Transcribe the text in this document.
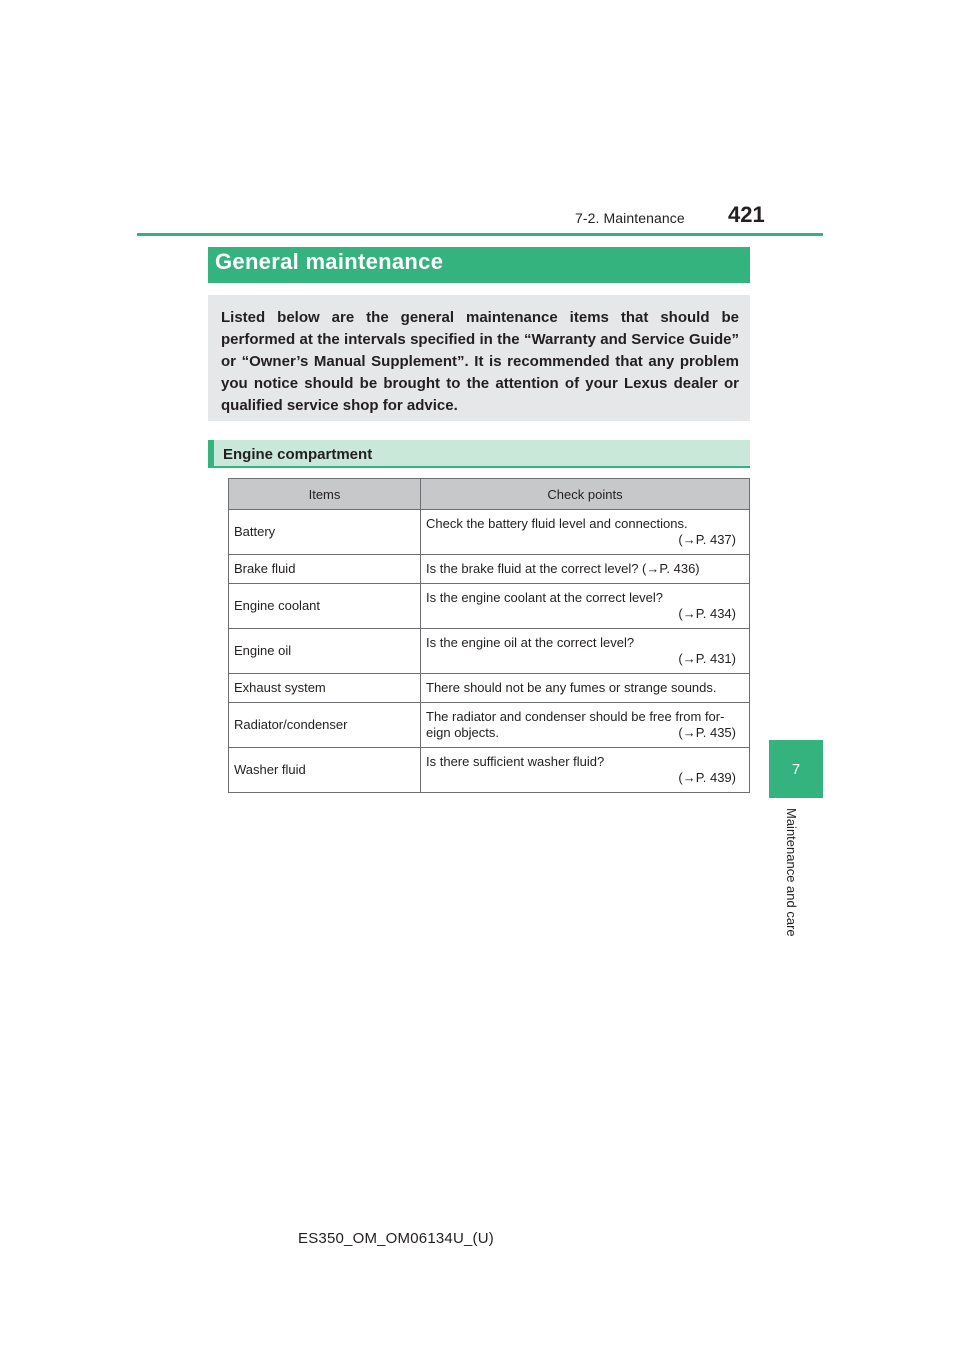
7-2. Maintenance 421
7
Maintenance and care
General maintenance

Listed below are the general maintenance items that should be performed at the intervals specified in the “Warranty and Service Guide” or “Owner’s Manual Supplement”. It is recommended that any problem you notice should be brought to the attention of your Lexus dealer or qualified service shop for advice.

Engine compartment
Items	Check points
Battery	Check the battery fluid level and connections.
(→P. 437)

Brake fluid	Is the brake fluid at the correct level? (→P. 436)

Engine coolant	Is the engine coolant at the correct level?
(→P. 434)

Engine oil	Is the engine oil at the correct level?
(→P. 431)

Exhaust system	There should not be any fumes or strange sounds.

Radiator/condenser	The radiator and condenser should be free from for-
eign objects. (→P. 435)

Washer fluid	Is there sufficient washer fluid?
(→P. 439)
ES350_OM_OM06134U_(U)
